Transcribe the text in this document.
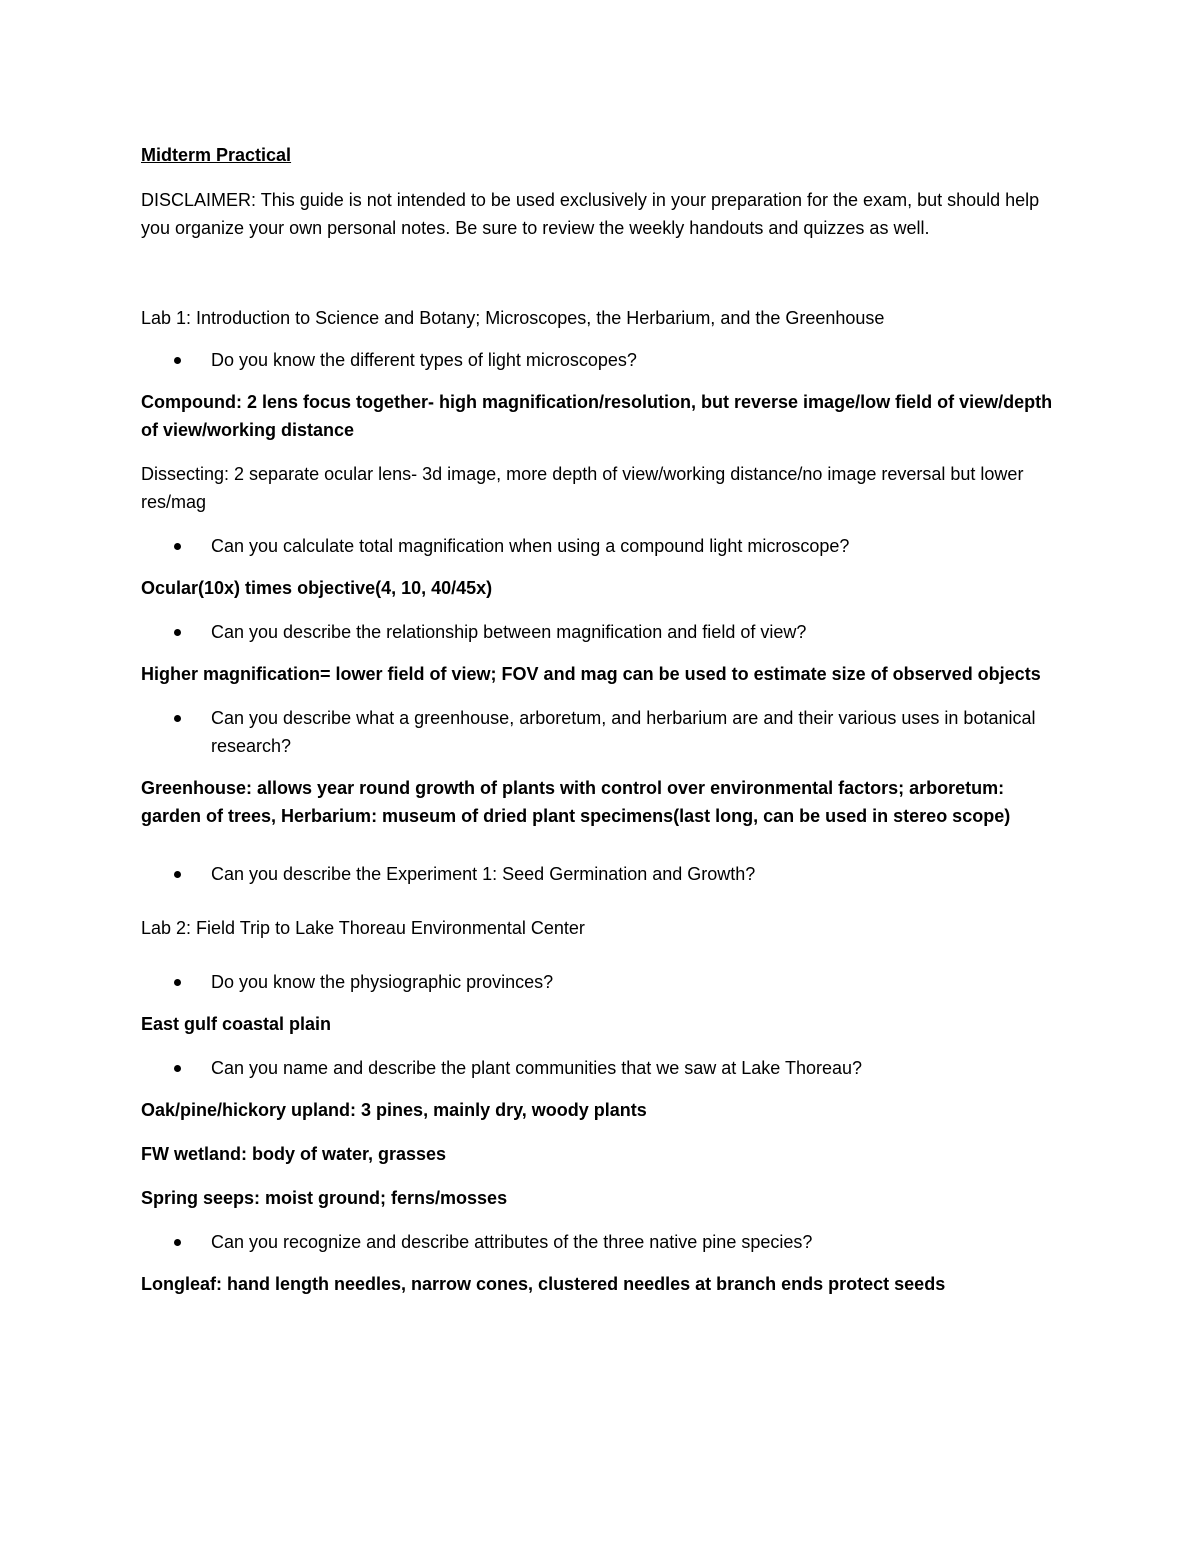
Midterm Practical

DISCLAIMER: This guide is not intended to be used exclusively in your preparation for the exam, but should help you organize your own personal notes. Be sure to review the weekly handouts and quizzes as well.

Lab 1: Introduction to Science and Botany; Microscopes, the Herbarium, and the Greenhouse

Do you know the different types of light microscopes?

Compound: 2 lens focus together- high magnification/resolution, but reverse image/low field of view/depth of view/working distance

Dissecting: 2 separate ocular lens- 3d image, more depth of view/working distance/no image reversal but lower res/mag

Can you calculate total magnification when using a compound light microscope?

Ocular(10x) times objective(4, 10, 40/45x)

Can you describe the relationship between magnification and field of view?

Higher magnification= lower field of view; FOV and mag can be used to estimate size of observed objects

Can you describe what a greenhouse, arboretum, and herbarium are and their various uses in botanical research?

Greenhouse: allows year round growth of plants with control over environmental factors; arboretum: garden of trees, Herbarium: museum of dried plant specimens(last long, can be used in stereo scope)

Can you describe the Experiment 1: Seed Germination and Growth?

Lab 2: Field Trip to Lake Thoreau Environmental Center

Do you know the physiographic provinces?

East gulf coastal plain

Can you name and describe the plant communities that we saw at Lake Thoreau?

Oak/pine/hickory upland: 3 pines, mainly dry, woody plants

FW wetland: body of water, grasses

Spring seeps: moist ground; ferns/mosses

Can you recognize and describe attributes of the three native pine species?

Longleaf: hand length needles, narrow cones, clustered needles at branch ends protect seeds
